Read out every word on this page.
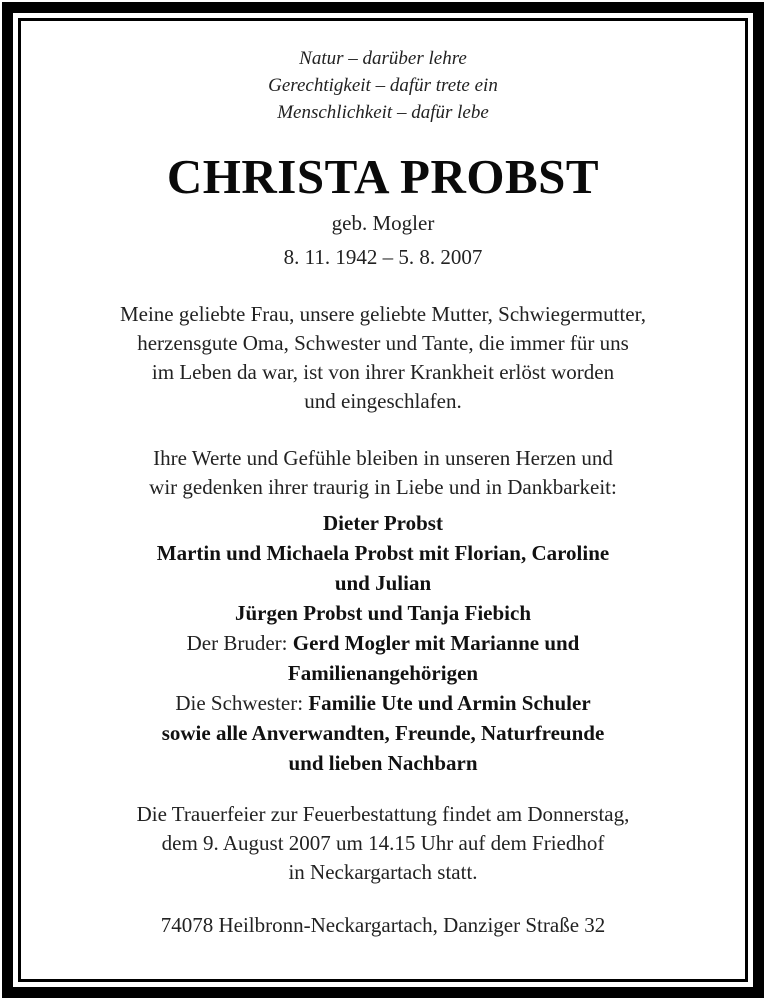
Natur – darüber lehre
Gerechtigkeit – dafür trete ein
Menschlichkeit – dafür lebe
CHRISTA PROBST
geb. Mogler
8. 11. 1942 – 5. 8. 2007
Meine geliebte Frau, unsere geliebte Mutter, Schwiegermutter,
herzensgute Oma, Schwester und Tante, die immer für uns
im Leben da war, ist von ihrer Krankheit erlöst worden
und eingeschlafen.
Ihre Werte und Gefühle bleiben in unseren Herzen und
wir gedenken ihrer traurig in Liebe und in Dankbarkeit:
Dieter Probst
Martin und Michaela Probst mit Florian, Caroline
und Julian
Jürgen Probst und Tanja Fiebich
Der Bruder: Gerd Mogler mit Marianne und
Familienangehörigen
Die Schwester: Familie Ute und Armin Schuler
sowie alle Anverwandten, Freunde, Naturfreunde
und lieben Nachbarn
Die Trauerfeier zur Feuerbestattung findet am Donnerstag,
dem 9. August 2007 um 14.15 Uhr auf dem Friedhof
in Neckargartach statt.
74078 Heilbronn-Neckargartach, Danziger Straße 32
